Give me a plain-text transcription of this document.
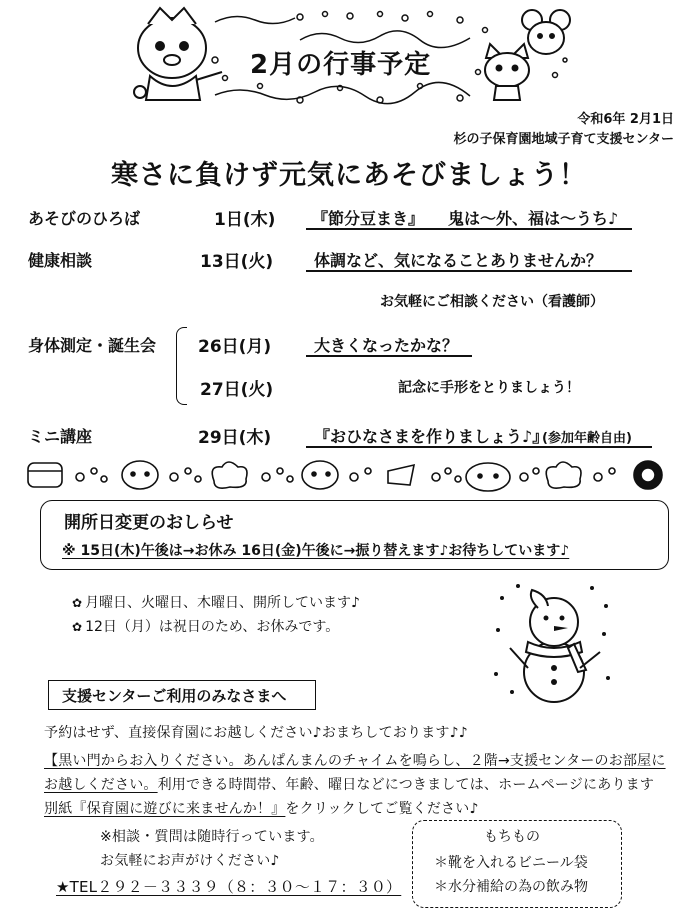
2月の行事予定
令和6年 2月1日
杉の子保育園地域子育て支援センター
寒さに負けず元気にあそびましょう！
あそびのひろば	1日(木) 『節分豆まき』 鬼は～外、福は～うち♪
健康相談	13日(火)	体調など、気になることありませんか？
お気軽にご相談ください（看護師）
身体測定・誕生会 26日(月)	大きくなったかな？
27日(火)	記念に手形をとりましょう！
ミニ講座	29日(木)	『おひなさまを作りましょう♪』
(参加年齢自由)
開所日変更のおしらせ
※ 15日(木)午後は→お休み 16日(金)午後に→振り替えます♪お待ちしています♪
✿ 月曜日、火曜日、木曜日、開所しています♪
✿ 12日（月）は祝日のため、お休みです。
支援センターご利用のみなさまへ
予約はせず、直接保育園にお越しください♪おまちしております♪♪
【黒い門からお入りください。あんぱんまんのチャイムを鳴らし、２階→支援センターのお部屋に
お越しください。利用できる時間帯、年齢、曜日などにつきましては、ホームページにあります
別紙『保育園に遊びに来ませんか！』をクリックしてご覧ください♪
※相談・質問は随時行っています。
お気軽にお声がけください♪
★TEL２９２－３３３９（８：３０～１７：３０）
もちもの
＊靴を入れるビニール袋
＊水分補給の為の飲み物
